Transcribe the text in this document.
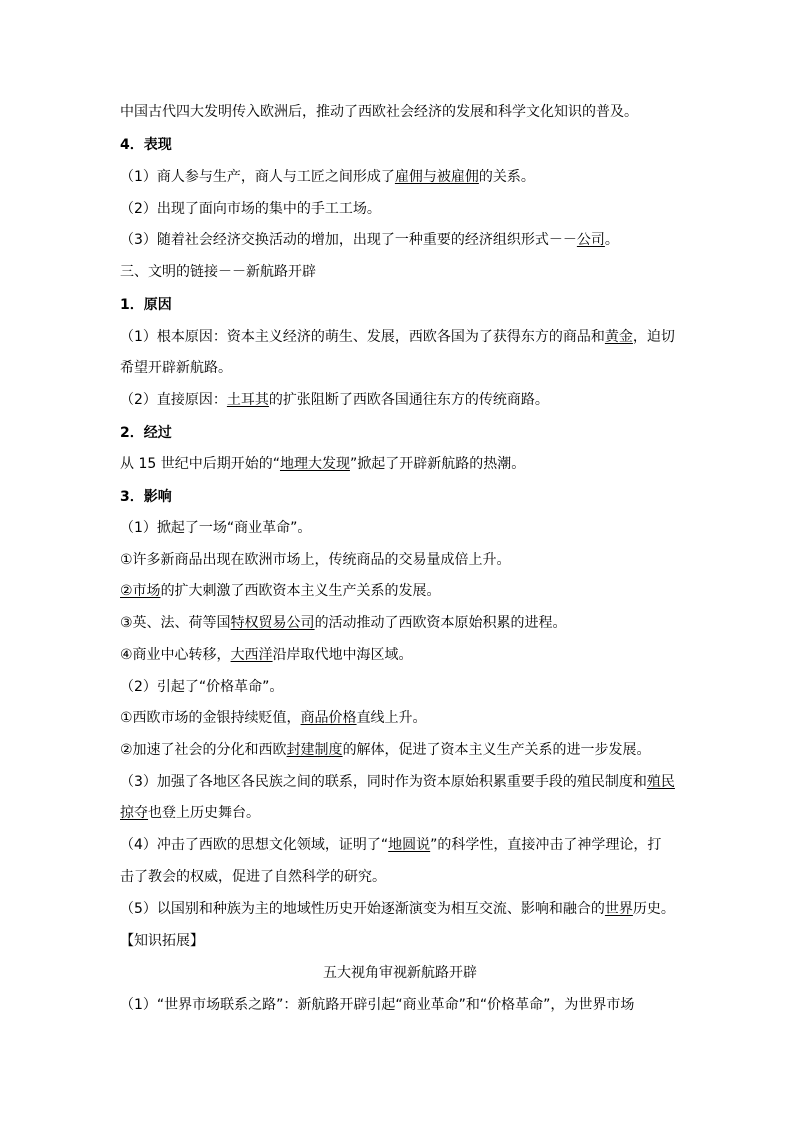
中国古代四大发明传入欧洲后，推动了西欧社会经济的发展和科学文化知识的普及。
4．表现
（1）商人参与生产，商人与工匠之间形成了雇佣与被雇佣的关系。
（2）出现了面向市场的集中的手工工场。
（3）随着社会经济交换活动的增加，出现了一种重要的经济组织形式－－公司。
三、文明的链接－－新航路开辟
1．原因
（1）根本原因：资本主义经济的萌生、发展，西欧各国为了获得东方的商品和黄金，迫切
希望开辟新航路。
（2）直接原因：土耳其的扩张阻断了西欧各国通往东方的传统商路。
2．经过
从 15 世纪中后期开始的“地理大发现”掀起了开辟新航路的热潮。
3．影响
（1）掀起了一场“商业革命”。
①许多新商品出现在欧洲市场上，传统商品的交易量成倍上升。
②市场的扩大刺激了西欧资本主义生产关系的发展。
③英、法、荷等国特权贸易公司的活动推动了西欧资本原始积累的进程。
④商业中心转移，大西洋沿岸取代地中海区域。
（2）引起了“价格革命”。
①西欧市场的金银持续贬值，商品价格直线上升。
②加速了社会的分化和西欧封建制度的解体，促进了资本主义生产关系的进一步发展。
（3）加强了各地区各民族之间的联系，同时作为资本原始积累重要手段的殖民制度和殖民
掠夺也登上历史舞台。
（4）冲击了西欧的思想文化领域，证明了“地圆说”的科学性，直接冲击了神学理论，打
击了教会的权威，促进了自然科学的研究。
（5）以国别和种族为主的地域性历史开始逐渐演变为相互交流、影响和融合的世界历史。
【知识拓展】
五大视角审视新航路开辟
（1）“世界市场联系之路”：新航路开辟引起“商业革命”和“价格革命”，为世界市场
